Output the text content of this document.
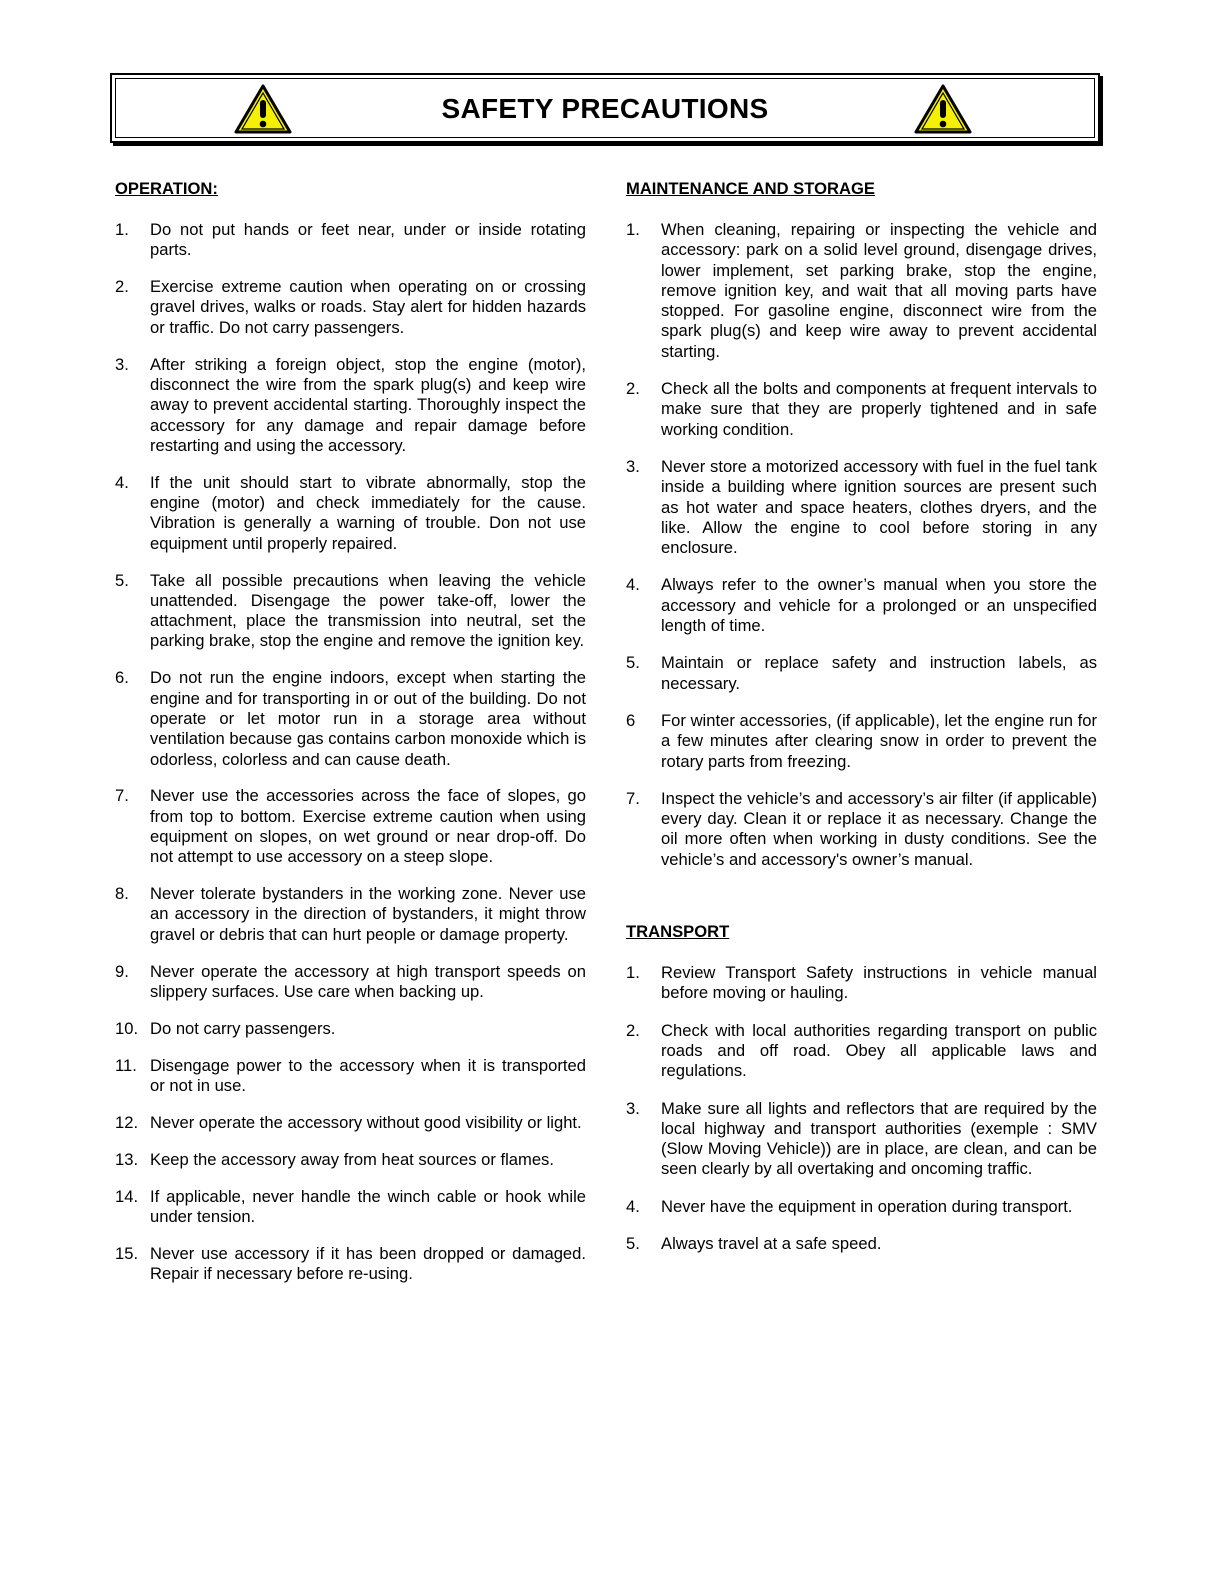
SAFETY PRECAUTIONS
OPERATION:
1. Do not put hands or feet near, under or inside rotating parts.
2. Exercise extreme caution when operating on or crossing gravel drives, walks or roads. Stay alert for hidden hazards or traffic. Do not carry passengers.
3. After striking a foreign object, stop the engine (motor), disconnect the wire from the spark plug(s) and keep wire away to prevent accidental starting. Thoroughly inspect the accessory for any damage and repair damage before restarting and using the accessory.
4. If the unit should start to vibrate abnormally, stop the engine (motor) and check immediately for the cause. Vibration is generally a warning of trouble. Don not use equipment until properly repaired.
5. Take all possible precautions when leaving the vehicle unattended. Disengage the power take-off, lower the attachment, place the transmission into neutral, set the parking brake, stop the engine and remove the ignition key.
6. Do not run the engine indoors, except when starting the engine and for transporting in or out of the building. Do not operate or let motor run in a storage area without ventilation because gas contains carbon monoxide which is odorless, colorless and can cause death.
7. Never use the accessories across the face of slopes, go from top to bottom. Exercise extreme caution when using equipment on slopes, on wet ground or near drop-off. Do not attempt to use accessory on a steep slope.
8. Never tolerate bystanders in the working zone. Never use an accessory in the direction of bystanders, it might throw gravel or debris that can hurt people or damage property.
9. Never operate the accessory at high transport speeds on slippery surfaces. Use care when backing up.
10. Do not carry passengers.
11. Disengage power to the accessory when it is transported or not in use.
12. Never operate the accessory without good visibility or light.
13. Keep the accessory away from heat sources or flames.
14. If applicable, never handle the winch cable or hook while under tension.
15. Never use accessory if it has been dropped or damaged. Repair if necessary before re-using.
MAINTENANCE AND STORAGE
1. When cleaning, repairing or inspecting the vehicle and accessory: park on a solid level ground, disengage drives, lower implement, set parking brake, stop the engine, remove ignition key, and wait that all moving parts have stopped. For gasoline engine, disconnect wire from the spark plug(s) and keep wire away to prevent accidental starting.
2. Check all the bolts and components at frequent intervals to make sure that they are properly tightened and in safe working condition.
3. Never store a motorized accessory with fuel in the fuel tank inside a building where ignition sources are present such as hot water and space heaters, clothes dryers, and the like. Allow the engine to cool before storing in any enclosure.
4. Always refer to the owner’s manual when you store the accessory and vehicle for a prolonged or an unspecified length of time.
5. Maintain or replace safety and instruction labels, as necessary.
6 For winter accessories, (if applicable), let the engine run for a few minutes after clearing snow in order to prevent the rotary parts from freezing.
7. Inspect the vehicle’s and accessory’s air filter (if applicable) every day. Clean it or replace it as necessary. Change the oil more often when working in dusty conditions. See the vehicle’s and accessory's owner’s manual.
TRANSPORT
1. Review Transport Safety instructions in vehicle manual before moving or hauling.
2. Check with local authorities regarding transport on public roads and off road. Obey all applicable laws and regulations.
3. Make sure all lights and reflectors that are required by the local highway and transport authorities (exemple : SMV (Slow Moving Vehicle)) are in place, are clean, and can be seen clearly by all overtaking and oncoming traffic.
4. Never have the equipment in operation during transport.
5. Always travel at a safe speed.
